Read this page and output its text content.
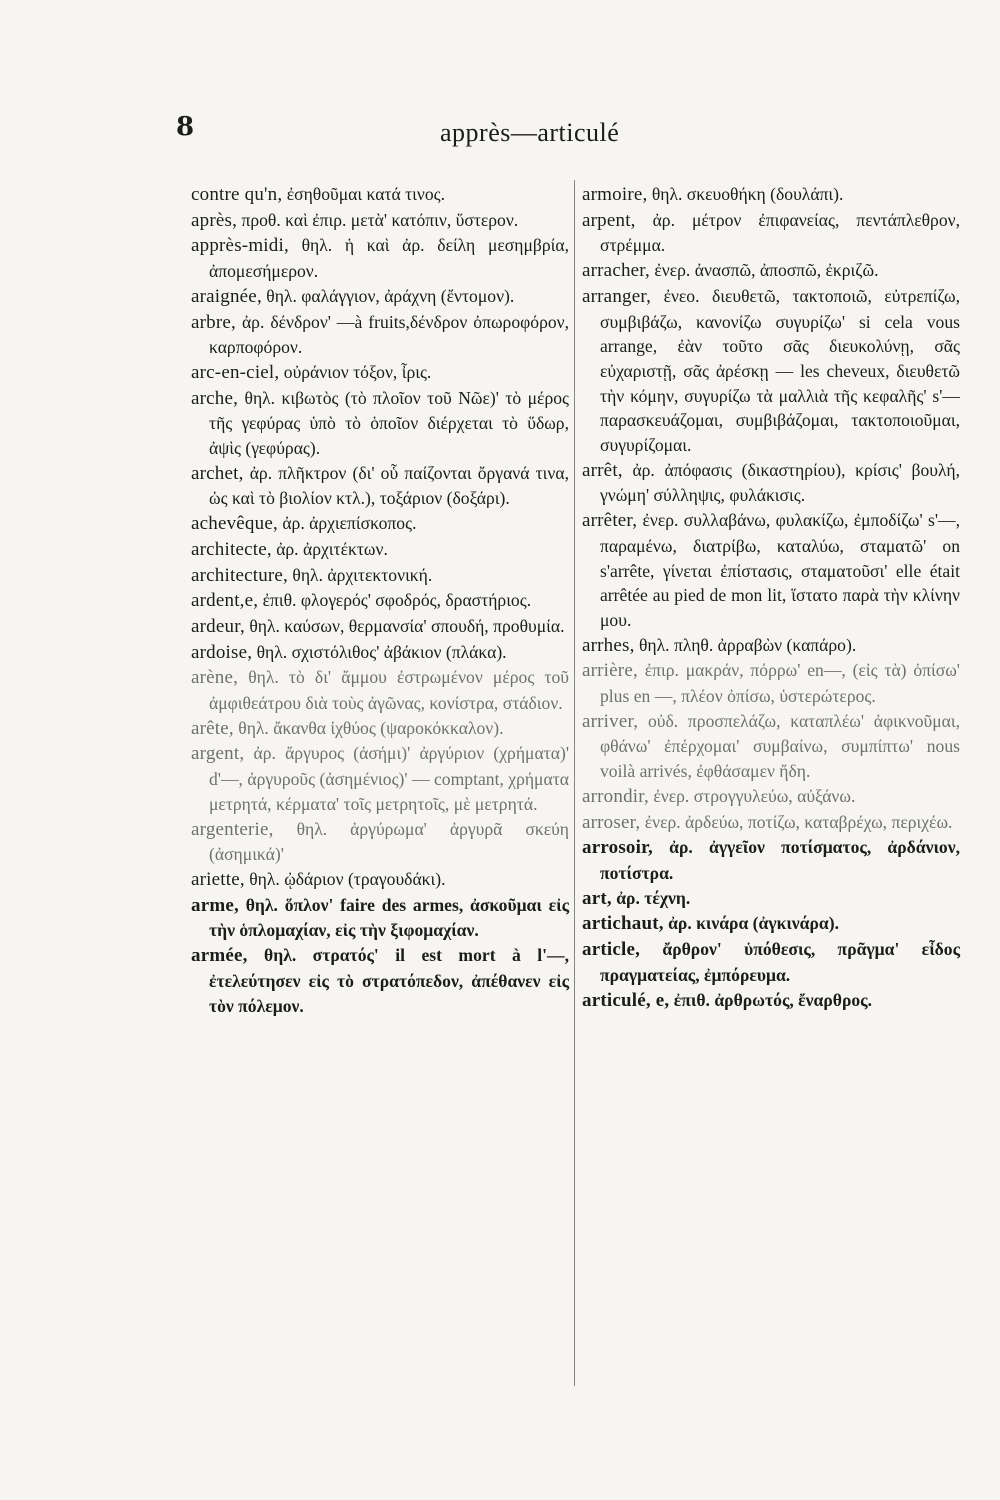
8	apprès—articulé

contre qu'n, ἐσηθοῦμαι κατά τινος.

après, προθ. καὶ ἐπιρ. μετὰ' κατόπιν, ὕστερον.

apprès-midi, θηλ. ἡ καὶ ἀρ. δείλη μεσημβρία, ἀπομεσήμερον.

araignée, θηλ. φαλάγγιον, ἀράχνη (ἔντομον).

arbre, ἀρ. δένδρον' —à fruits,δένδρον ὀπωροφόρον, καρποφόρον.

arc-en-ciel, οὐράνιον τόξον, ἶρις.

arche, θηλ. κιβωτὸς (τὸ πλοῖον τοῦ Νῶε)' τὸ μέρος τῆς γεφύρας ὑπὸ τὸ ὁποῖον διέρχεται τὸ ὕδωρ, ἀψὶς (γεφύρας).

archet, ἀρ. πλῆκτρον (δι' οὗ παίζονται ὄργανά τινα, ὡς καὶ τὸ βιολίον κτλ.), τοξάριον (δοξάρι).

achevêque, ἀρ. ἀρχιεπίσκοπος.

architecte, ἀρ. ἀρχιτέκτων.

architecture, θηλ. ἀρχιτεκτονική.

ardent,e, ἐπιθ. φλογερός' σφοδρός, δραστήριος.

ardeur, θηλ. καύσων, θερμανσία' σπουδή, προθυμία.

ardoise, θηλ. σχιστόλιθος' ἀβάκιον (πλάκα).

arène, θηλ. τὸ δι' ἄμμου ἐστρωμένον μέρος τοῦ ἀμφιθεάτρου διὰ τοὺς ἀγῶνας, κονίστρα, στάδιον.

arête, θηλ. ἄκανθα ἰχθύος (ψαροκόκκαλον).

argent, ἀρ. ἄργυρος (ἀσήμι)' ἀργύριον (χρήματα)' d'—, ἀργυροῦς (ἀσημένιος)' — comptant, χρήματα μετρητά, κέρματα' τοῖς μετρητοῖς, μὲ μετρητά.

argenterie, θηλ. ἀργύρωμα' ἀργυρᾶ σκεύη (ἀσημικά)'

ariette, θηλ. ᾠδάριον (τραγουδάκι).

arme, θηλ. ὅπλον' faire des armes, ἀσκοῦμαι εἰς τὴν ὁπλομαχίαν, εἰς τὴν ξιφομαχίαν.

armée, θηλ. στρατός' il est mort à l'—, ἐτελεύτησεν εἰς τὸ στρατόπεδον, ἀπέθανεν εἰς τὸν πόλεμον.

armoire, θηλ. σκευοθήκη (δουλάπι).

arpent, ἀρ. μέτρον ἐπιφανείας, πεντάπλεθρον, στρέμμα.

arracher, ἐνερ. ἀνασπῶ, ἀποσπῶ, ἐκριζῶ.

arranger, ἐνεο. διευθετῶ, τακτοποιῶ, εὐτρεπίζω, συμβιβάζω, κανονίζω συγυρίζω' si cela vous arrange, ἐὰν τοῦτο σᾶς διευκολύνῃ, σᾶς εὐχαριστῇ, σᾶς ἀρέσκῃ — les cheveux, διευθετῶ τὴν κόμην, συγυρίζω τὰ μαλλιὰ τῆς κεφαλῆς' s'—παρασκευάζομαι, συμβιβάζομαι, τακτοποιοῦμαι, συγυρίζομαι.

arrêt, ἀρ. ἀπόφασις (δικαστηρίου), κρίσις' βουλή, γνώμη' σύλληψις, φυλάκισις.

arrêter, ἐνερ. συλλαβάνω, φυλακίζω, ἐμποδίζω' s'—, παραμένω, διατρίβω, καταλύω, σταματῶ' on s'arrête, γίνεται ἐπίστασις, σταματοῦσι' elle était arrêtée au pied de mon lit, ἵστατο παρὰ τὴν κλίνην μου.

arrhes, θηλ. πληθ. ἀρραβὼν (καπάρο).

arrière, ἐπιρ. μακράν, πόρρω' en—, (εἰς τὰ) ὀπίσω' plus en —, πλέον ὀπίσω, ὑστερώτερος.

arriver, οὐδ. προσπελάζω, καταπλέω' ἀφικνοῦμαι, φθάνω' ἐπέρχομαι' συμβαίνω, συμπίπτω' nous voilà arrivés, ἐφθάσαμεν ἤδη.

arrondir, ἐνερ. στρογγυλεύω, αὐξάνω.

arroser, ἐνερ. ἀρδεύω, ποτίζω, καταβρέχω, περιχέω.

arrosoir, ἀρ. ἀγγεῖον ποτίσματος, ἀρδάνιον, ποτίστρα.

art, ἀρ. τέχνη.

artichaut, ἀρ. κινάρα (ἀγκινάρα).

article, ἄρθρον' ὑπόθεσις, πρᾶγμα' εἶδος πραγματείας, ἐμπόρευμα.

articulé, e, ἐπιθ. ἀρθρωτός, ἔναρθρος.
